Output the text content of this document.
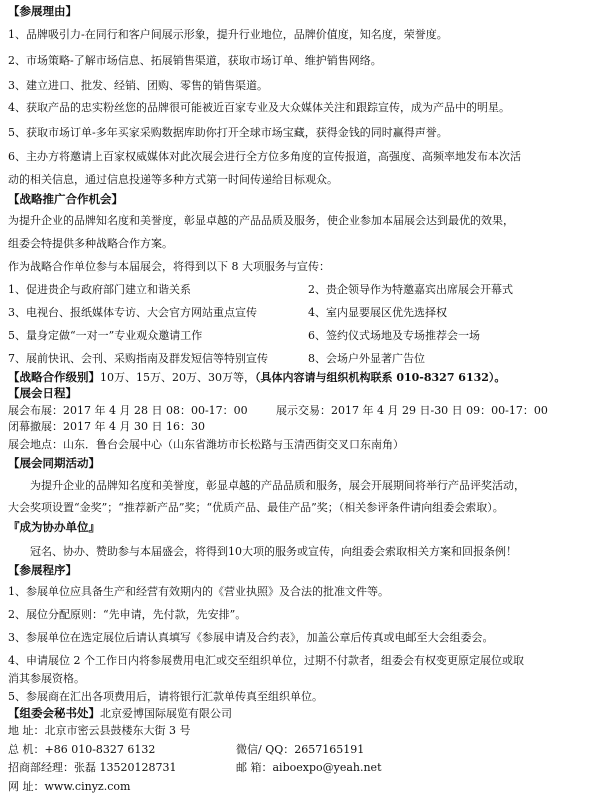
【参展理由】
1、品牌吸引力-在同行和客户间展示形象，提升行业地位，品牌价值度，知名度，荣誉度。
2、市场策略-了解市场信息、拓展销售渠道，获取市场订单、维护销售网络。
3、建立进口、批发、经销、团购、零售的销售渠道。
4、获取产品的忠实粉丝您的品牌很可能被近百家专业及大众媒体关注和跟踪宣传，成为产品中的明星。
5、获取市场订单-多年买家采购数据库助你打开全球市场宝藏，获得金钱的同时赢得声誉。
6、主办方将邀请上百家权威媒体对此次展会进行全方位多角度的宣传报道，高强度、高频率地发布本次活
动的相关信息，通过信息投递等多种方式第一时间传递给目标观众。
【战略推广合作机会】
为提升企业的品牌知名度和美誉度，彰显卓越的产品品质及服务，使企业参加本届展会达到最优的效果，
组委会特提供多种战略合作方案。
作为战略合作单位参与本届展会，将得到以下 8 大项服务与宣传：
1、促进贵企与政府部门建立和谐关系	2、贵企领导作为特邀嘉宾出席展会开幕式
3、电视台、报纸媒体专访、大会官方网站重点宣传	4、室内显要展区优先选择权
5、量身定做“一对一”专业观众邀请工作	6、签约仪式场地及专场推荐会一场
7、展前快讯、会刊、采购指南及群发短信等特别宣传	8、会场户外显著广告位
【战略合作级别】10万、15万、20万、30万等，（具体内容请与组织机构联系 010-8327 6132）。
【展会日程】
展会布展：2017 年 4 月 28 日 08：00-17：00	展示交易：2017 年 4 月 29 日-30 日 09：00-17：00
闭幕撤展：2017 年 4 月 30 日 16：30
展会地点：山东．鲁台会展中心（山东省潍坊市长松路与玉清西街交叉口东南角）
【展会同期活动】
为提升企业的品牌知名度和美誉度，彰显卓越的产品品质和服务，展会开展期间将举行产品评奖活动，
大会奖项设置“金奖”；“推荐新产品”奖；“优质产品、最佳产品”奖；（相关参评条件请向组委会索取）。
『成为协办单位』
冠名、协办、赞助参与本届盛会，将得到10大项的服务或宣传，向组委会索取相关方案和回报条例！
【参展程序】
1、参展单位应具备生产和经营有效期内的《营业执照》及合法的批准文件等。
2、展位分配原则：“先申请，先付款，先安排”。
3、参展单位在选定展位后请认真填写《参展申请及合约表》，加盖公章后传真或电邮至大会组委会。
4、申请展位 2 个工作日内将参展费用电汇或交至组织单位，过期不付款者，组委会有权变更原定展位或取
消其参展资格。
5、参展商在汇出各项费用后，请将银行汇款单传真至组织单位。
【组委会秘书处】北京爱博国际展览有限公司
地 址：北京市密云县鼓楼东大街 3 号
总 机：+86 010-8327 6132	微信/ QQ：2657165191
招商部经理：张磊 13520128731	邮 箱：aiboexpo@yeah.net
网 址：www.cinyz.com
